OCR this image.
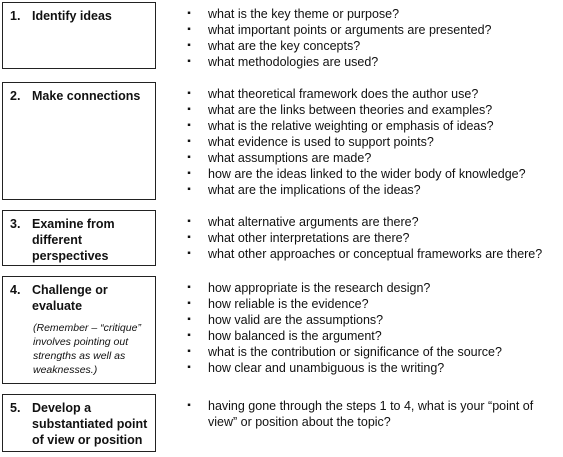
1. Identify ideas	▪ what is the key theme or purpose?
▪ what important points or arguments are presented?
▪ what are the key concepts?
▪ what methodologies are used?
2. Make connections	▪ what theoretical framework does the author use?
▪ what are the links between theories and examples?
▪ what is the relative weighting or emphasis of ideas?
▪ what evidence is used to support points?
▪ what assumptions are made?
▪ how are the ideas linked to the wider body of knowledge?
▪ what are the implications of the ideas?
3. Examine from different perspectives
▪ what alternative arguments are there?
▪ what other interpretations are there?
▪ what other approaches or conceptual frameworks are there?
4. Challenge or evaluate
(Remember – “critique” involves pointing out strengths as well as weaknesses.)
▪ how appropriate is the research design?
▪ how reliable is the evidence?
▪ how valid are the assumptions?
▪ how balanced is the argument?
▪ what is the contribution or significance of the source?
▪ how clear and unambiguous is the writing?
5. Develop a substantiated point of view or position
▪ having gone through the steps 1 to 4, what is your “point of view” or position about the topic?
